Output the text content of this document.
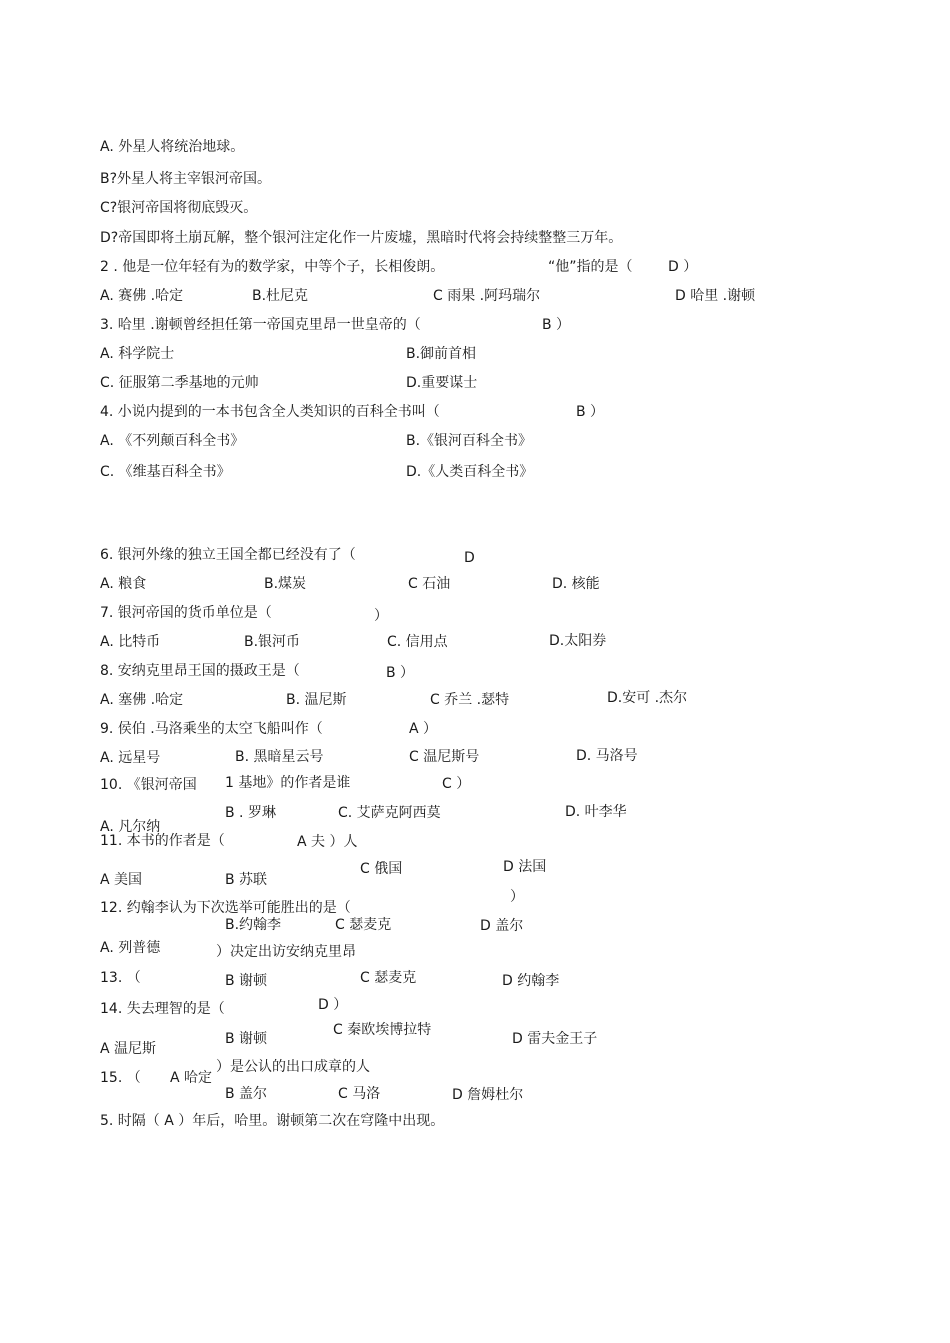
A. 外星人将统治地球。
B?外星人将主宰银河帝国。
C?银河帝国将彻底毁灭。
D?帝国即将土崩瓦解，整个银河注定化作一片废墟，黑暗时代将会持续整整三万年。
2 . 他是一位年轻有为的数学家，中等个子，长相俊朗。	“他”指的是（	D ）
A. 赛佛 .哈定	B.杜尼克	C 雨果 .阿玛瑞尔	D 哈里 .谢顿
3. 哈里 .谢顿曾经担任第一帝国克里昂一世皇帝的（	B ）
A. 科学院士	B.御前首相
C. 征服第二季基地的元帅	D.重要谋士
4. 小说内提到的一本书包含全人类知识的百科全书叫（	B ）
A. 《不列颠百科全书》	B.《银河百科全书》
C. 《维基百科全书》	D.《人类百科全书》
6. 银河外缘的独立王国全都已经没有了（	D
A. 粮食	B.煤炭	C 石油	D. 核能
7. 银河帝国的货币单位是（	）
A. 比特币	B.银河币	C. 信用点	D.太阳券
8. 安纳克里昂王国的摄政王是（	B ）
A. 塞佛 .哈定	B. 温尼斯	C 乔兰 .瑟特	D.安可 .杰尔
9. 侯伯 .马洛乘坐的太空飞船叫作（	A ）
A. 远星号	B. 黑暗星云号	C 温尼斯号	D. 马洛号
10. 《银河帝国 1 基地》的作者是谁	C ）
B . 罗琳	C. 艾萨克阿西莫	D. 叶李华
A. 凡尔纳
11. 本书的作者是（	A 夫 ）人
C 俄国	D 法国
A 美国	B 苏联
）
12. 约翰李认为下次选举可能胜出的是（
B.约翰李	C 瑟麦克	D 盖尔
A. 列普德	）决定出访安纳克里昂
13. （	B 谢顿	C 瑟麦克	D 约翰李
14. 失去理智的是（	D ）
C 秦欧埃博拉特
B 谢顿	D 雷夫金王子
A 温尼斯
）是公认的出口成章的人
15. （ A 哈定
B 盖尔	C 马洛	D 詹姆杜尔
5. 时隔（ A ）年后，哈里。谢顿第二次在穹隆中出现。
